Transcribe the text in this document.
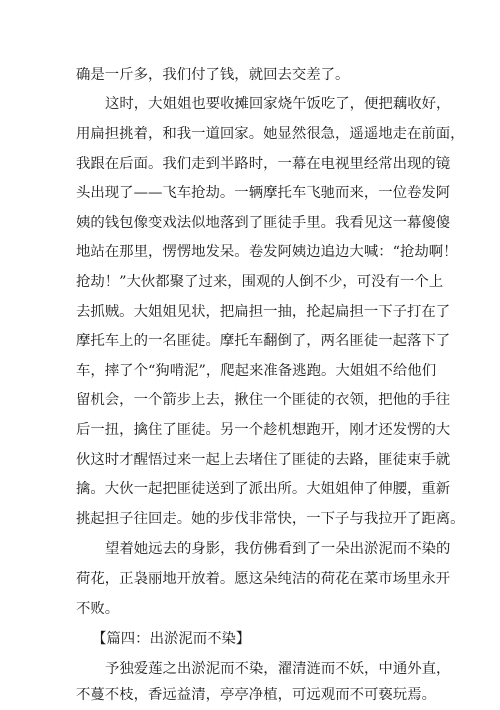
确是一斤多，我们付了钱，就回去交差了。
这时，大姐姐也要收摊回家烧午饭吃了，便把藕收好，
用扁担挑着，和我一道回家。她显然很急，遥遥地走在前面，
我跟在后面。我们走到半路时，一幕在电视里经常出现的镜
头出现了——飞车抢劫。一辆摩托车飞驰而来，一位卷发阿
姨的钱包像变戏法似地落到了匪徒手里。我看见这一幕傻傻
地站在那里，愣愣地发呆。卷发阿姨边追边大喊：“抢劫啊！
抢劫！”大伙都聚了过来，围观的人倒不少，可没有一个上
去抓贼。大姐姐见状，把扁担一抽，抡起扁担一下子打在了
摩托车上的一名匪徒。摩托车翻倒了，两名匪徒一起落下了
车，摔了个“狗啃泥”，爬起来准备逃跑。大姐姐不给他们
留机会，一个箭步上去，揪住一个匪徒的衣领，把他的手往
后一扭，擒住了匪徒。另一个趁机想跑开，刚才还发愣的大
伙这时才醒悟过来一起上去堵住了匪徒的去路，匪徒束手就
擒。大伙一起把匪徒送到了派出所。大姐姐伸了伸腰，重新
挑起担子往回走。她的步伐非常快，一下子与我拉开了距离。
望着她远去的身影，我仿佛看到了一朵出淤泥而不染的
荷花，正袅丽地开放着。愿这朵纯洁的荷花在菜市场里永开
不败。
【篇四：出淤泥而不染】
予独爱莲之出淤泥而不染，濯清涟而不妖，中通外直，
不蔓不枝，香远益清，亭亭净植，可远观而不可亵玩焉。
